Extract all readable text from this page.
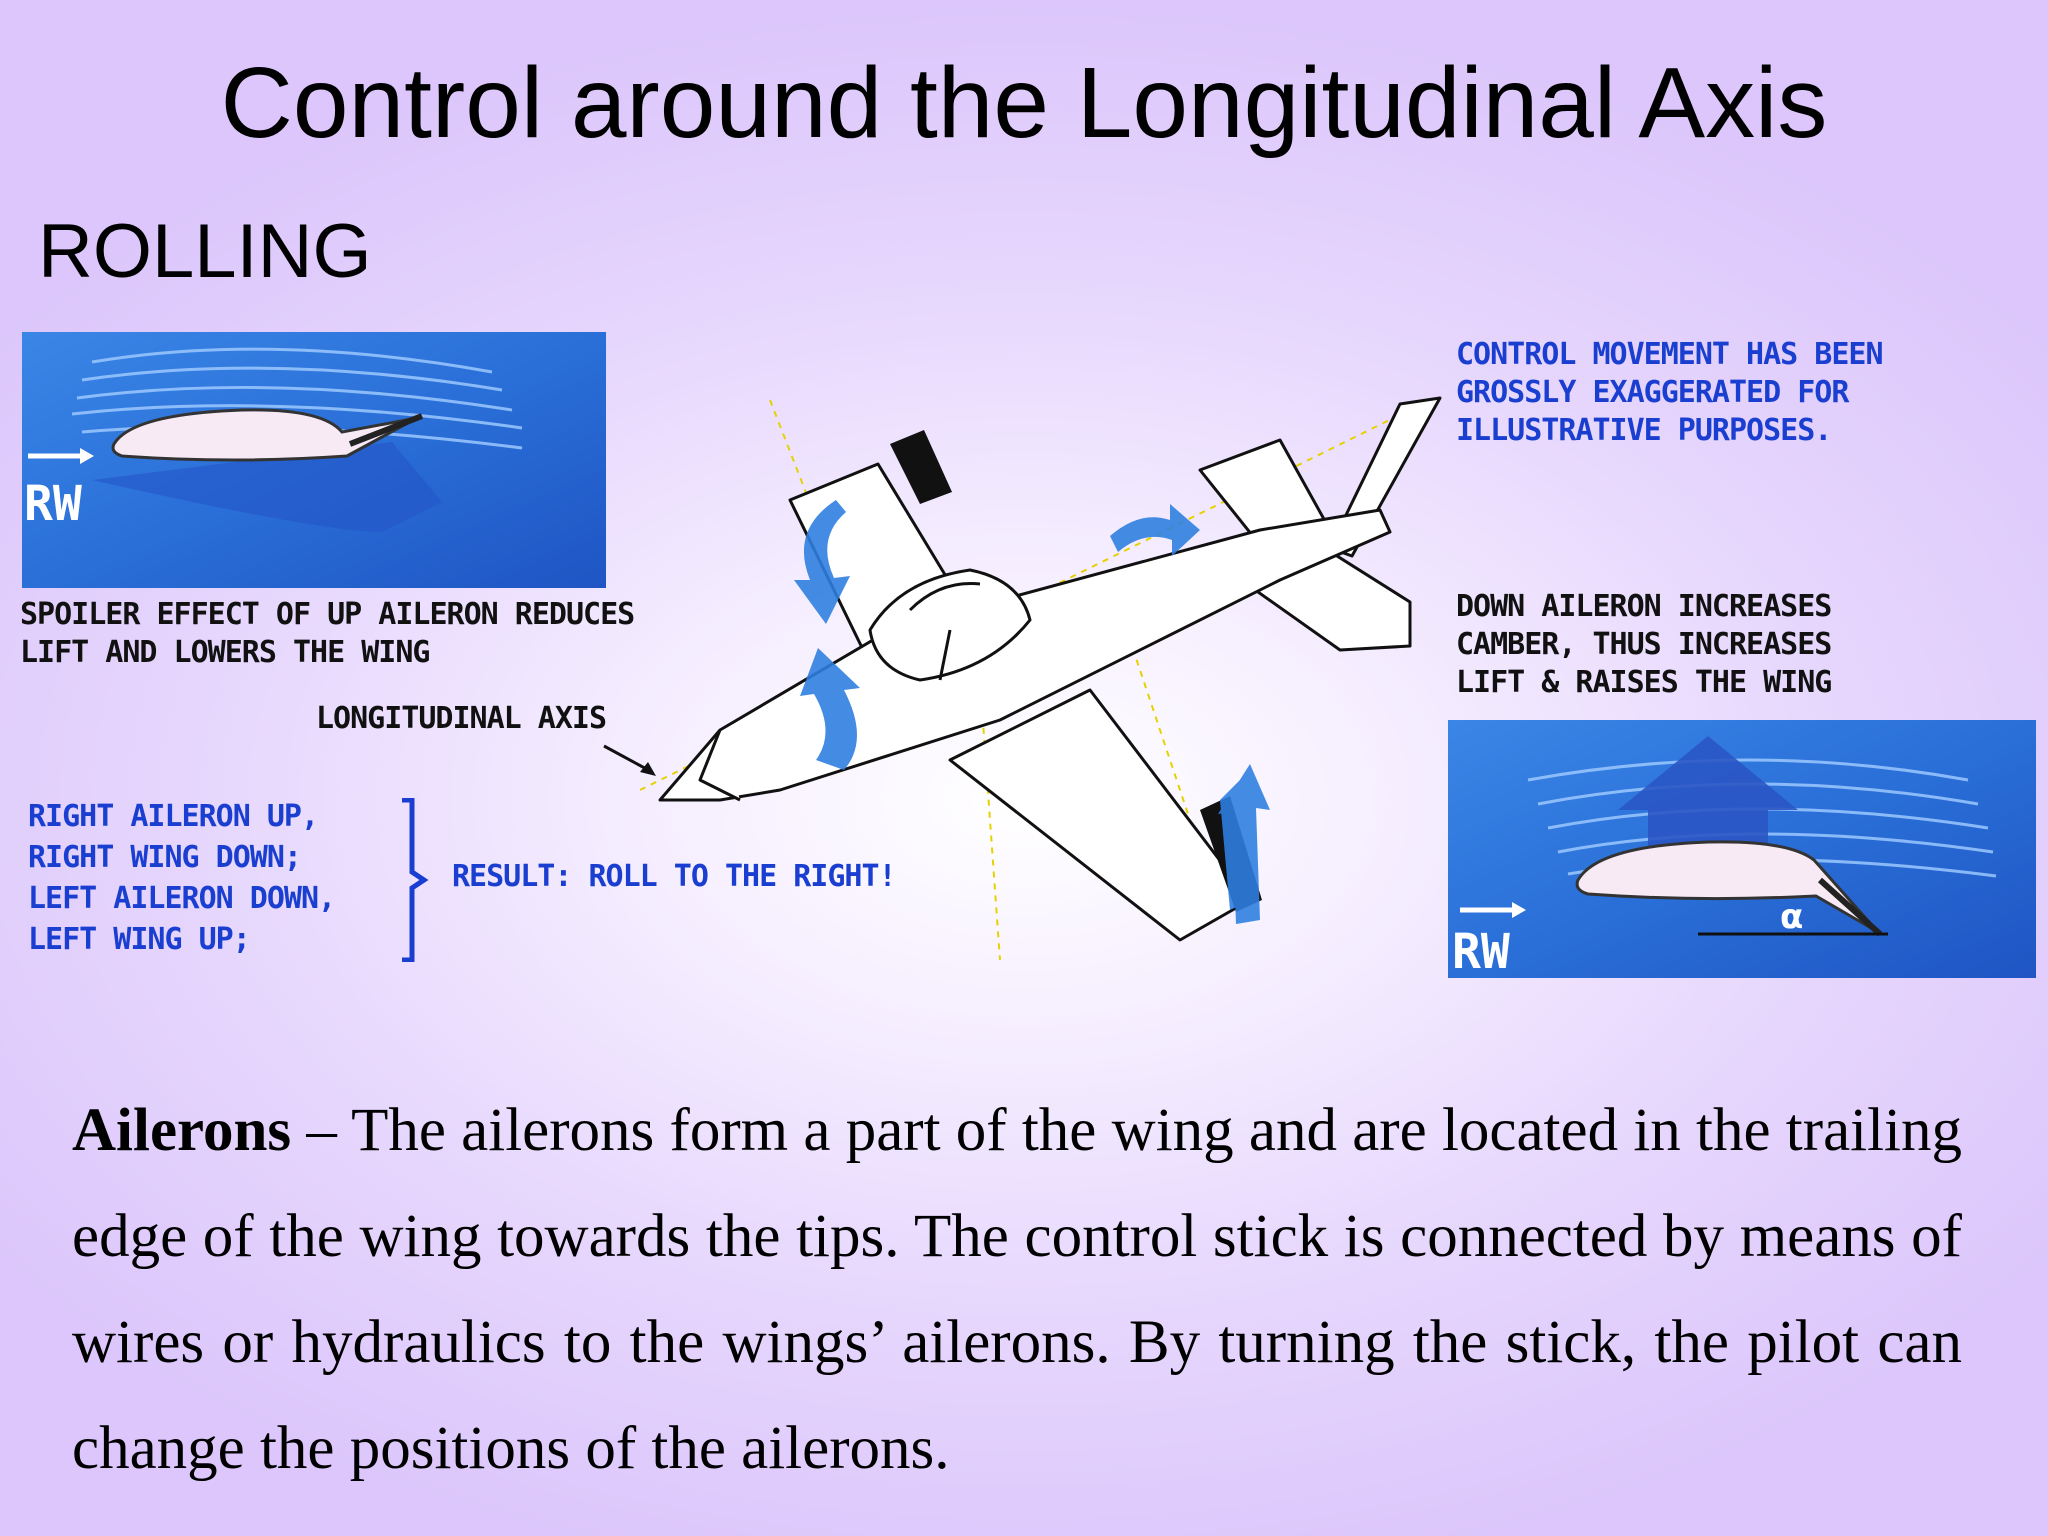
Control around the Longitudinal Axis
ROLLING
RW
SPOILER EFFECT OF UP AILERON REDUCES
LIFT AND LOWERS THE WING
LONGITUDINAL AXIS
RIGHT AILERON UP,
RIGHT WING DOWN;
LEFT AILERON DOWN,
LEFT WING UP;
RESULT: ROLL TO THE RIGHT!
CONTROL MOVEMENT HAS BEEN
GROSSLY EXAGGERATED FOR
ILLUSTRATIVE PURPOSES.
DOWN AILERON INCREASES
CAMBER, THUS INCREASES
LIFT & RAISES THE WING
α
RW
Ailerons – The ailerons form a part of the wing and are located in the trailing edge of the wing towards the tips. The control stick is connected by means of wires or hydraulics to the wings’ ailerons. By turning the stick, the pilot can change the positions of the ailerons.
